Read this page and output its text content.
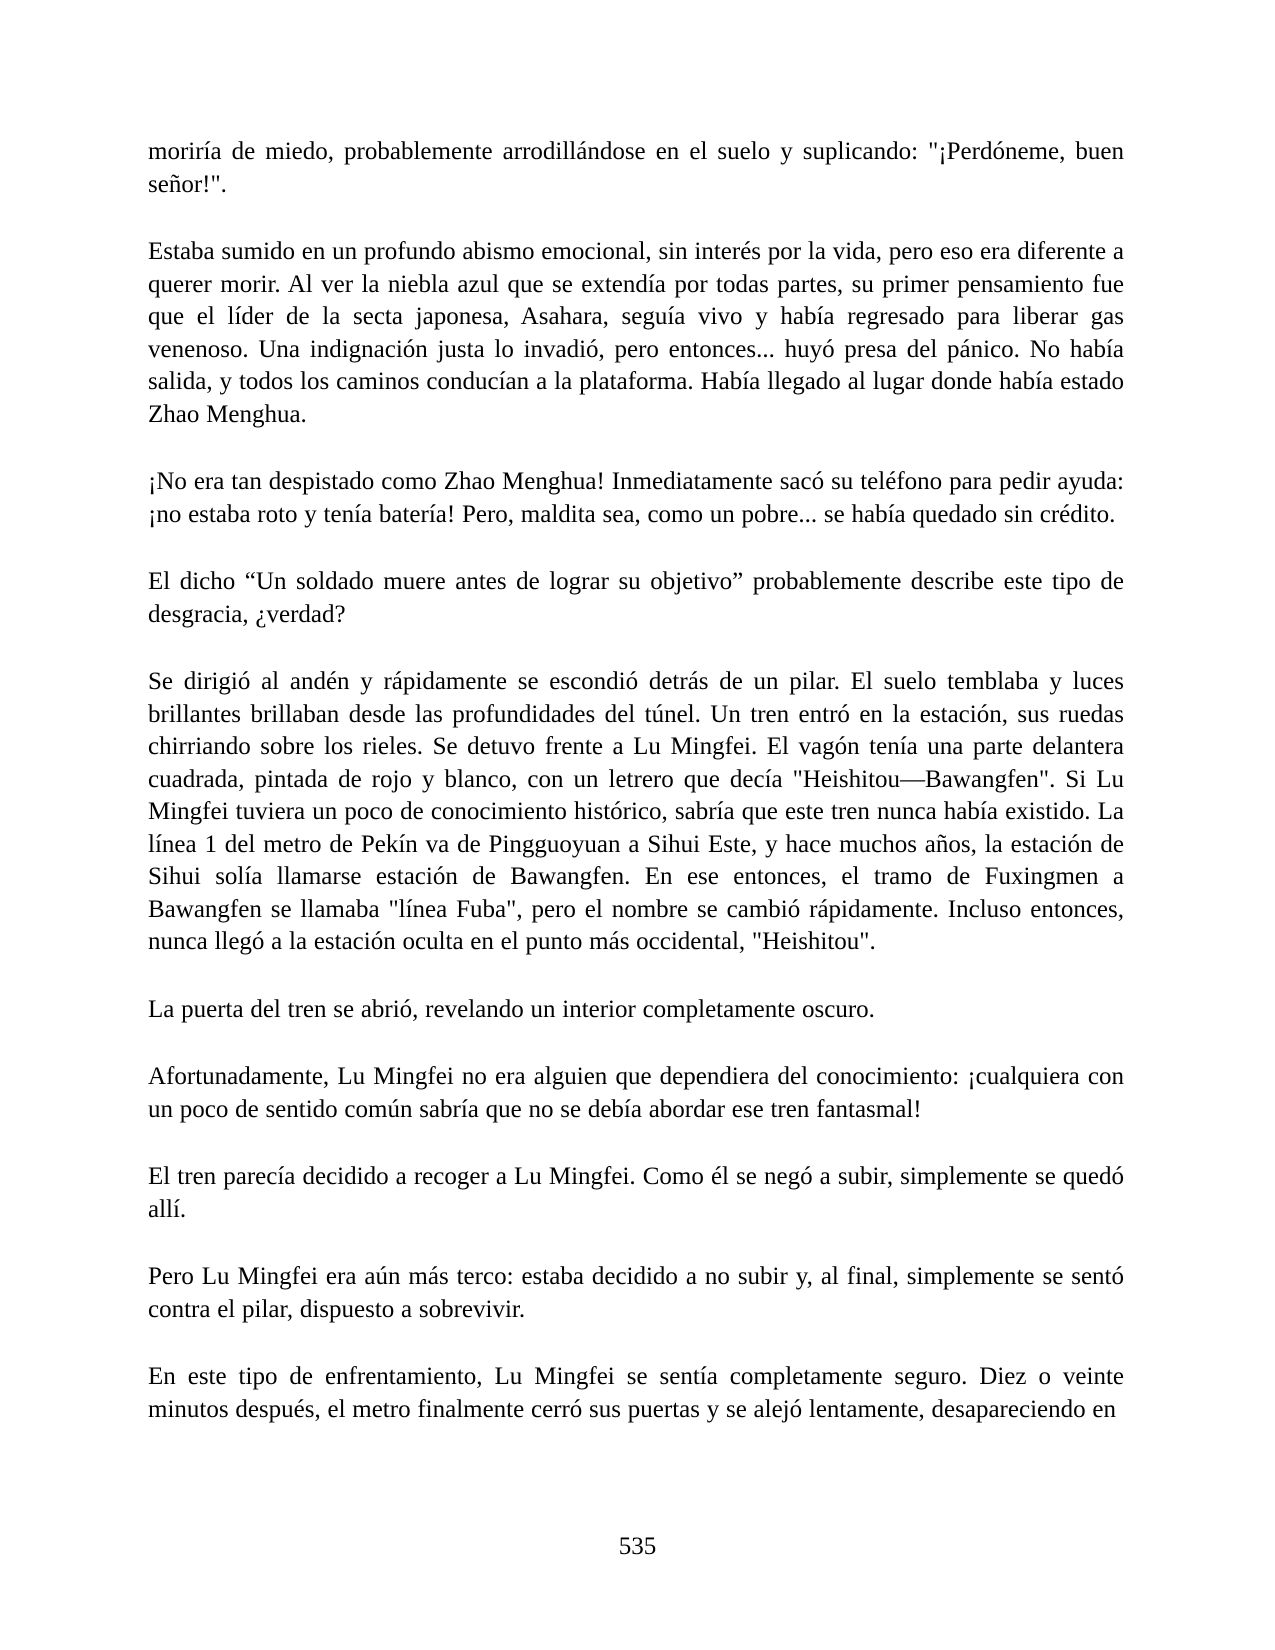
moriría de miedo, probablemente arrodillándose en el suelo y suplicando: "¡Perdóneme, buen señor!".

Estaba sumido en un profundo abismo emocional, sin interés por la vida, pero eso era diferente a querer morir. Al ver la niebla azul que se extendía por todas partes, su primer pensamiento fue que el líder de la secta japonesa, Asahara, seguía vivo y había regresado para liberar gas venenoso. Una indignación justa lo invadió, pero entonces... huyó presa del pánico. No había salida, y todos los caminos conducían a la plataforma. Había llegado al lugar donde había estado Zhao Menghua.

¡No era tan despistado como Zhao Menghua! Inmediatamente sacó su teléfono para pedir ayuda: ¡no estaba roto y tenía batería! Pero, maldita sea, como un pobre... se había quedado sin crédito.

El dicho “Un soldado muere antes de lograr su objetivo” probablemente describe este tipo de desgracia, ¿verdad?

Se dirigió al andén y rápidamente se escondió detrás de un pilar. El suelo temblaba y luces brillantes brillaban desde las profundidades del túnel. Un tren entró en la estación, sus ruedas chirriando sobre los rieles. Se detuvo frente a Lu Mingfei. El vagón tenía una parte delantera cuadrada, pintada de rojo y blanco, con un letrero que decía "Heishitou—Bawangfen". Si Lu Mingfei tuviera un poco de conocimiento histórico, sabría que este tren nunca había existido. La línea 1 del metro de Pekín va de Pingguoyuan a Sihui Este, y hace muchos años, la estación de Sihui solía llamarse estación de Bawangfen. En ese entonces, el tramo de Fuxingmen a Bawangfen se llamaba "línea Fuba", pero el nombre se cambió rápidamente. Incluso entonces, nunca llegó a la estación oculta en el punto más occidental, "Heishitou".

La puerta del tren se abrió, revelando un interior completamente oscuro.

Afortunadamente, Lu Mingfei no era alguien que dependiera del conocimiento: ¡cualquiera con un poco de sentido común sabría que no se debía abordar ese tren fantasmal!

El tren parecía decidido a recoger a Lu Mingfei. Como él se negó a subir, simplemente se quedó allí.

Pero Lu Mingfei era aún más terco: estaba decidido a no subir y, al final, simplemente se sentó contra el pilar, dispuesto a sobrevivir.

En este tipo de enfrentamiento, Lu Mingfei se sentía completamente seguro. Diez o veinte minutos después, el metro finalmente cerró sus puertas y se alejó lentamente, desapareciendo en

535
